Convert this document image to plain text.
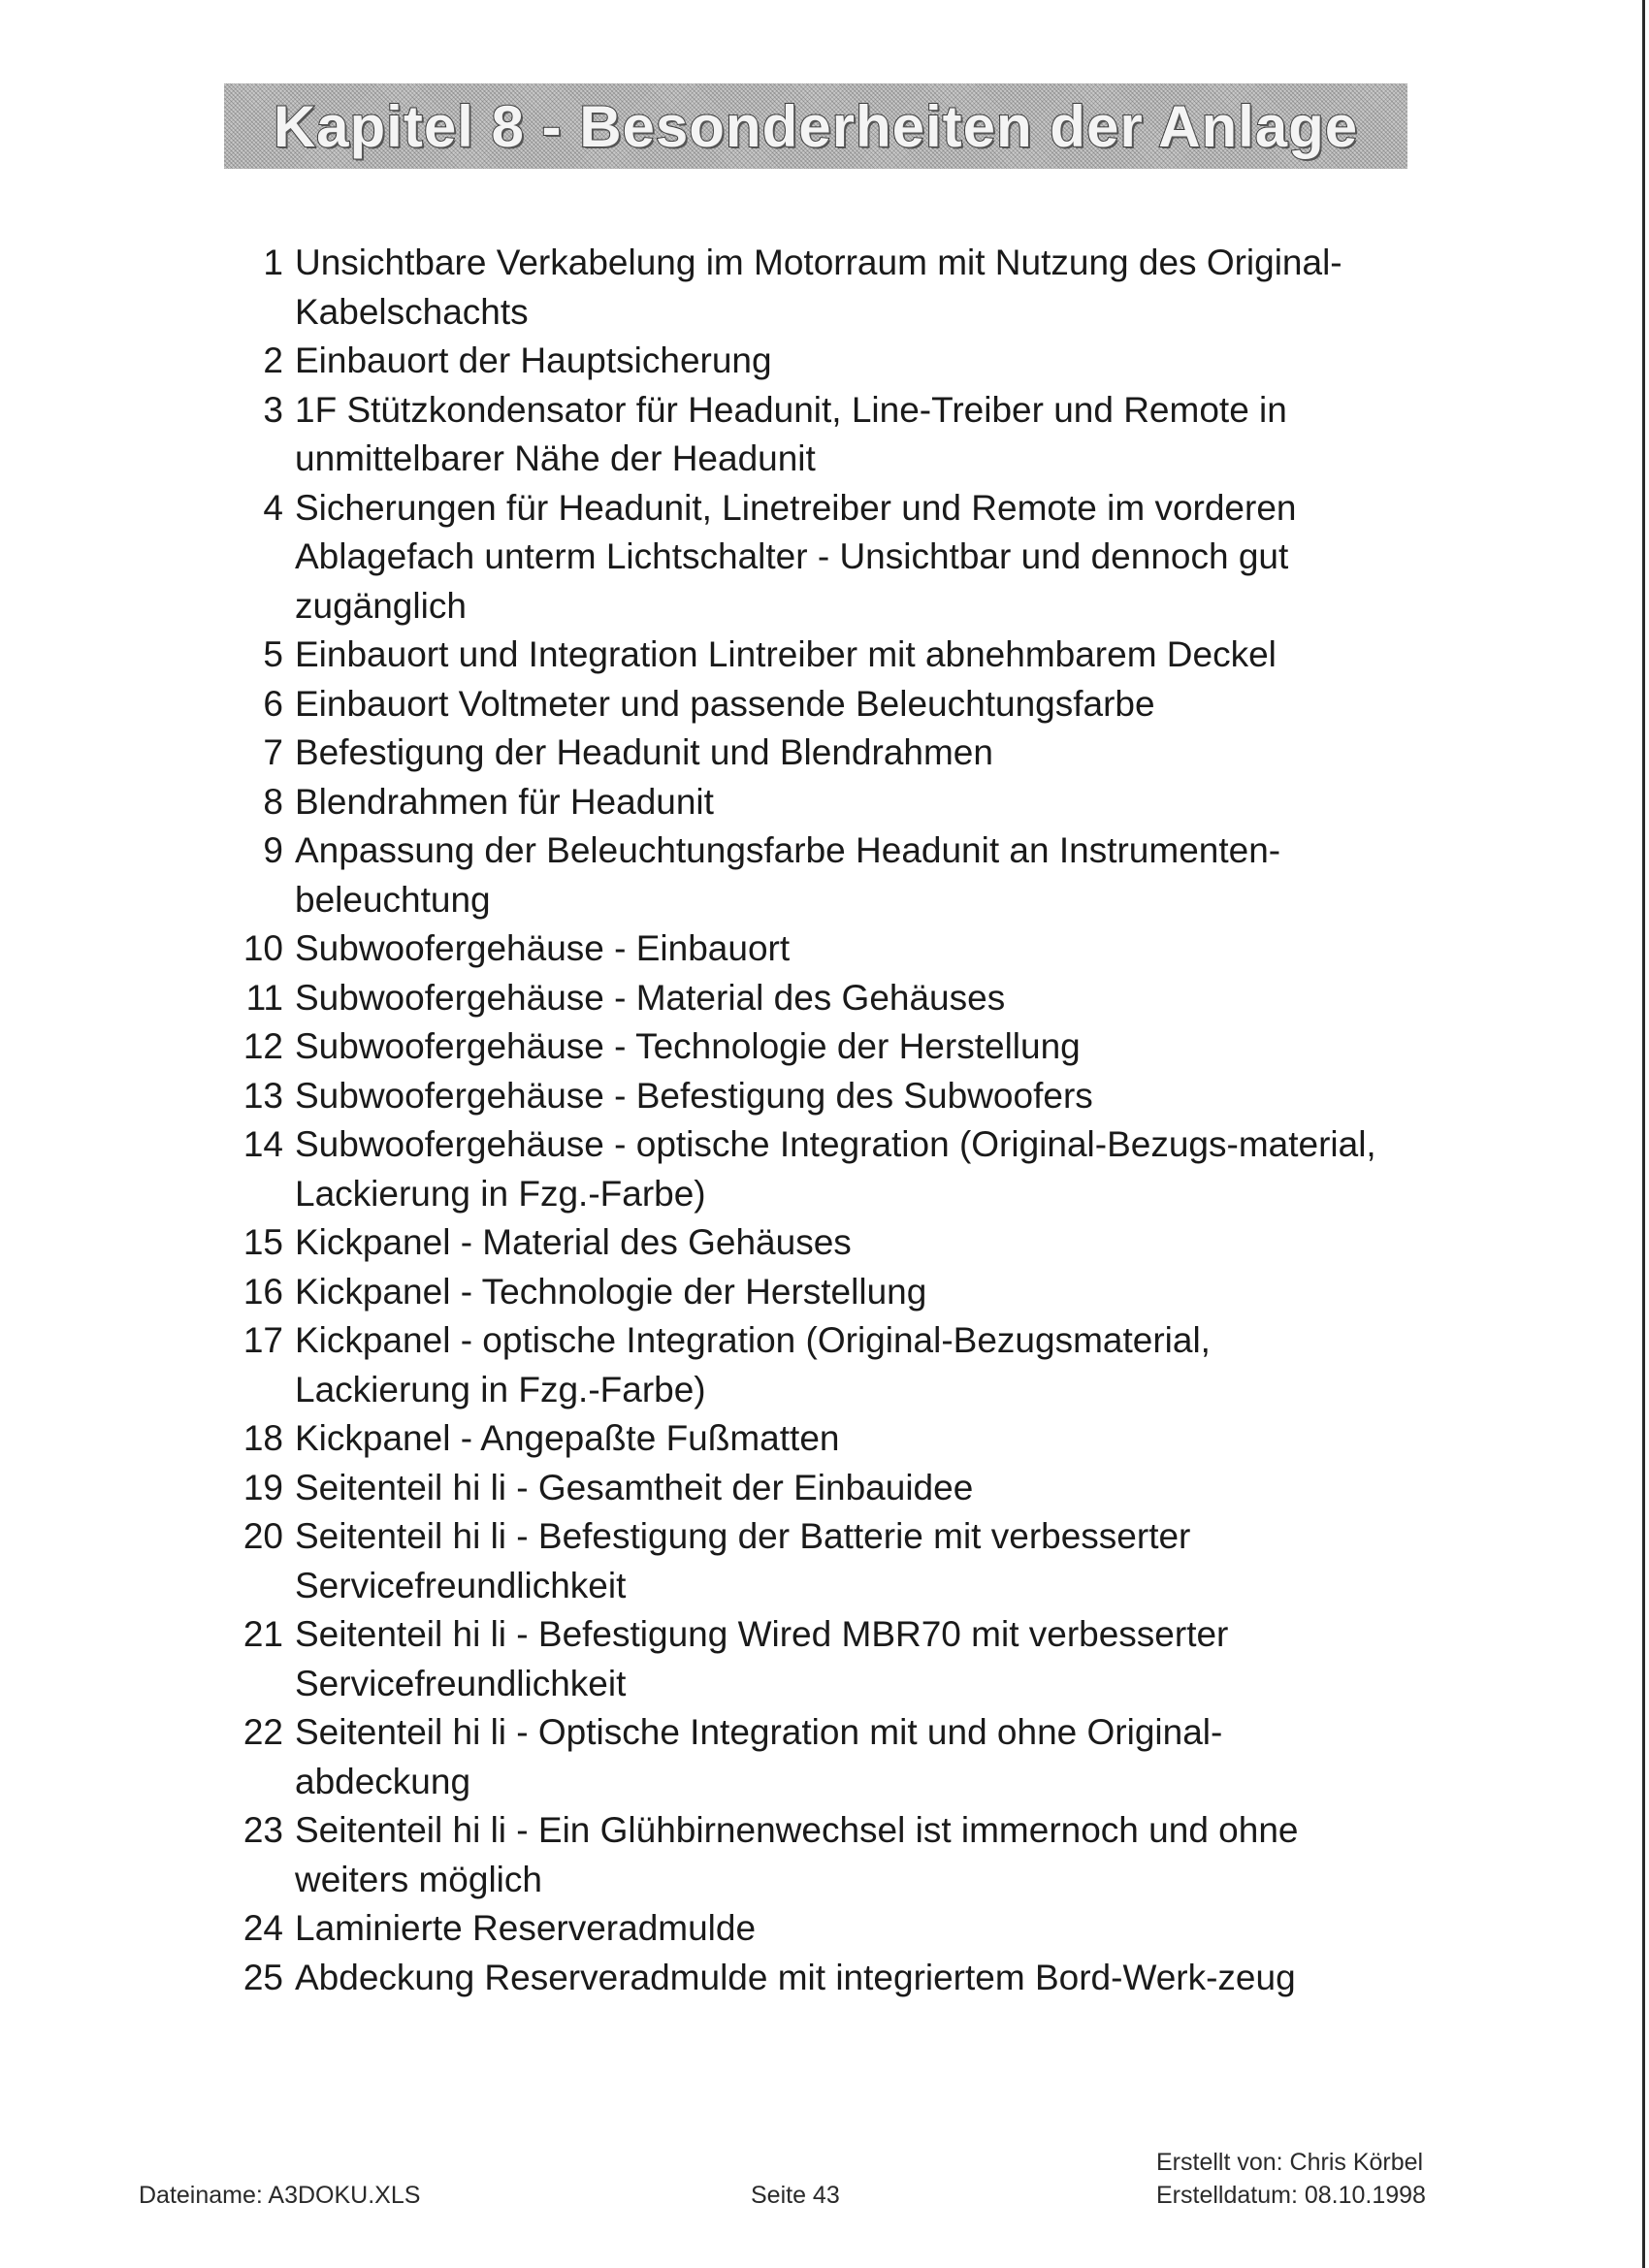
Kapitel 8 - Besonderheiten der Anlage
1 Unsichtbare Verkabelung im Motorraum mit Nutzung des Original-Kabelschachts
2 Einbauort der Hauptsicherung
3 1F Stützkondensator für Headunit, Line-Treiber und Remote in unmittelbarer Nähe der Headunit
4 Sicherungen für Headunit, Linetreiber und Remote im vorderen Ablagefach unterm Lichtschalter - Unsichtbar und dennoch gut zugänglich
5 Einbauort und Integration Lintreiber mit abnehmbarem Deckel
6 Einbauort Voltmeter und passende Beleuchtungsfarbe
7 Befestigung der Headunit und Blendrahmen
8 Blendrahmen für Headunit
9 Anpassung der Beleuchtungsfarbe Headunit an Instrumenten-beleuchtung
10 Subwoofergehäuse - Einbauort
11 Subwoofergehäuse - Material des Gehäuses
12 Subwoofergehäuse - Technologie der Herstellung
13 Subwoofergehäuse - Befestigung des Subwoofers
14 Subwoofergehäuse - optische Integration (Original-Bezugs-material, Lackierung in Fzg.-Farbe)
15 Kickpanel - Material des Gehäuses
16 Kickpanel - Technologie der Herstellung
17 Kickpanel - optische Integration (Original-Bezugsmaterial, Lackierung in Fzg.-Farbe)
18 Kickpanel - Angepaßte Fußmatten
19 Seitenteil hi li - Gesamtheit der Einbauidee
20 Seitenteil hi li - Befestigung der Batterie mit verbesserter Servicefreundlichkeit
21 Seitenteil hi li - Befestigung Wired MBR70 mit verbesserter Servicefreundlichkeit
22 Seitenteil hi li - Optische Integration mit und ohne Original-abdeckung
23 Seitenteil hi li - Ein Glühbirnenwechsel ist immernoch und ohne weiters möglich
24 Laminierte Reserveradmulde
25 Abdeckung Reserveradmulde mit integriertem Bord-Werk-zeug
Dateiname: A3DOKU.XLS	Seite 43
Erstellt von: Chris Körbel
Erstelldatum: 08.10.1998
